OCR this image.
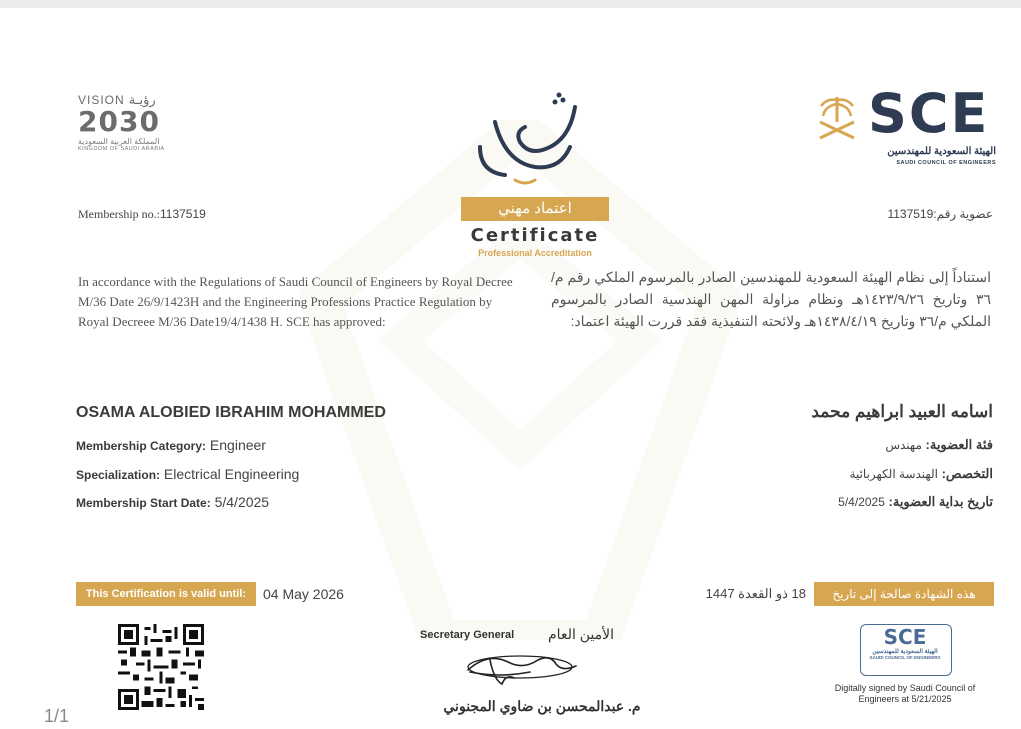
VISION رؤيـة
2030
المملكة العربية السعودية
KINGDOM OF SAUDI ARABIA
اعتماد مهني
Certificate
Professional Accreditation
SCE
الهيئة السعودية للمهندسين
SAUDI COUNCIL OF ENGINEERS
Membership no.:1137519	عضوية رقم:1137519
In accordance with the Regulations of Saudi Council of Engineers by Royal Decree M/36 Date 26/9/1423H and the Engineering Professions Practice Regulation by Royal Decreee M/36 Date19/4/1438 H. SCE has approved:
استناداً إلى نظام الهيئة السعودية للمهندسين الصادر بالمرسوم الملكي رقم م/٣٦ وتاريخ ١٤٢٣/٩/٢٦هـ ونظام مزاولة المهن الهندسية الصادر بالمرسوم الملكي م/٣٦ وتاريخ ١٤٣٨/٤/١٩هـ ولائحته التنفيذية فقد قررت الهيئة اعتماد:
OSAMA ALOBIED IBRAHIM MOHAMMED	اسامه العبيد ابراهيم محمد
Membership Category: Engineer
Specialization: Electrical Engineering
Membership Start Date: 5/4/2025
فئة العضوية: مهندس
التخصص: الهندسة الكهربائية
تاريخ بداية العضوية: 5/4/2025
This Certification is valid until:	04 May 2026	هذه الشهادة صالحة إلى تاريخ
18 ذو القعدة 1447
1/1
Secretary General الأمين العام
م. عبدالمحسن بن ضاوي المجنوني
SCE
الهيئة السعودية للمهندسين
SAUDI COUNCIL OF ENGINEERS
Digitally signed by Saudi Council of Engineers at 5/21/2025
